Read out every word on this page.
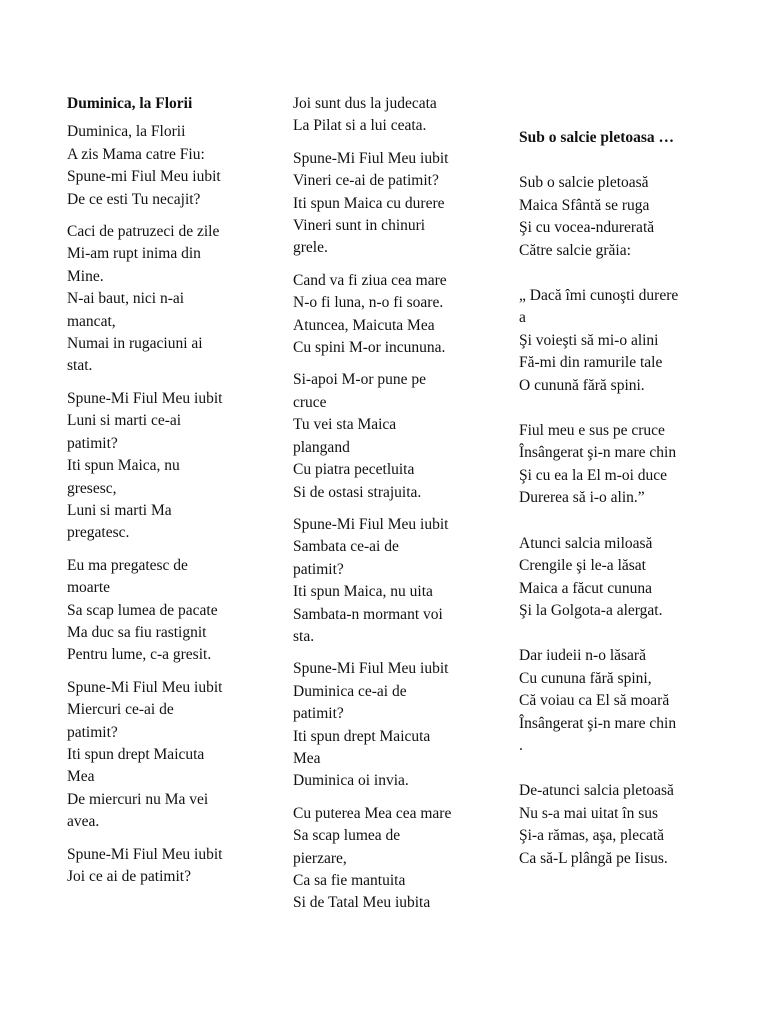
Duminica, la Florii
Duminica, la Florii
A zis Mama catre Fiu:
Spune-mi Fiul Meu iubit
De ce esti Tu necajit?
Caci de patruzeci de zile
Mi-am rupt inima din
Mine.
N-ai baut, nici n-ai
mancat,
Numai in rugaciuni ai
stat.
Spune-Mi Fiul Meu iubit
Luni si marti ce-ai
patimit?
Iti spun Maica, nu
gresesc,
Luni si marti Ma
pregatesc.
Eu ma pregatesc de
moarte
Sa scap lumea de pacate
Ma duc sa fiu rastignit
Pentru lume, c-a gresit.
Spune-Mi Fiul Meu iubit
Miercuri ce-ai de
patimit?
Iti spun drept Maicuta
Mea
De miercuri nu Ma vei
avea.
Spune-Mi Fiul Meu iubit
Joi ce ai de patimit?
Joi sunt dus la judecata
La Pilat si a lui ceata.
Spune-Mi Fiul Meu iubit
Vineri ce-ai de patimit?
Iti spun Maica cu durere
Vineri sunt in chinuri
grele.
Cand va fi ziua cea mare
N-o fi luna, n-o fi soare.
Atuncea, Maicuta Mea
Cu spini M-or incununa.
Si-apoi M-or pune pe
cruce
Tu vei sta Maica
plangand
Cu piatra pecetluita
Si de ostasi strajuita.
Spune-Mi Fiul Meu iubit
Sambata ce-ai de
patimit?
Iti spun Maica, nu uita
Sambata-n mormant voi
sta.
Spune-Mi Fiul Meu iubit
Duminica ce-ai de
patimit?
Iti spun drept Maicuta
Mea
Duminica oi invia.
Cu puterea Mea cea mare
Sa scap lumea de
pierzare,
Ca sa fie mantuita
Si de Tatal Meu iubita
Sub o salcie pletoasa …
Sub o salcie pletoasă
Maica Sfântă se ruga
Şi cu vocea-ndurerată
Către salcie grăia:
„ Dacă îmi cunoşti durere
a
Şi voieşti să mi-o alini
Fă-mi din ramurile tale
O cunună fără spini.
Fiul meu e sus pe cruce
Însângerat şi-n mare chin
Şi cu ea la El m-oi duce
Durerea să i-o alin.”
Atunci salcia miloasă
Crengile şi le-a lăsat
Maica a făcut cununa
Şi la Golgota-a alergat.
Dar iudeii n-o lăsară
Cu cununa fără spini,
Că voiau ca El să moară
Însângerat şi-n mare chin
.
De-atunci salcia pletoasă
Nu s-a mai uitat în sus
Şi-a rămas, aşa, plecată
Ca să-L plângă pe Iisus.
